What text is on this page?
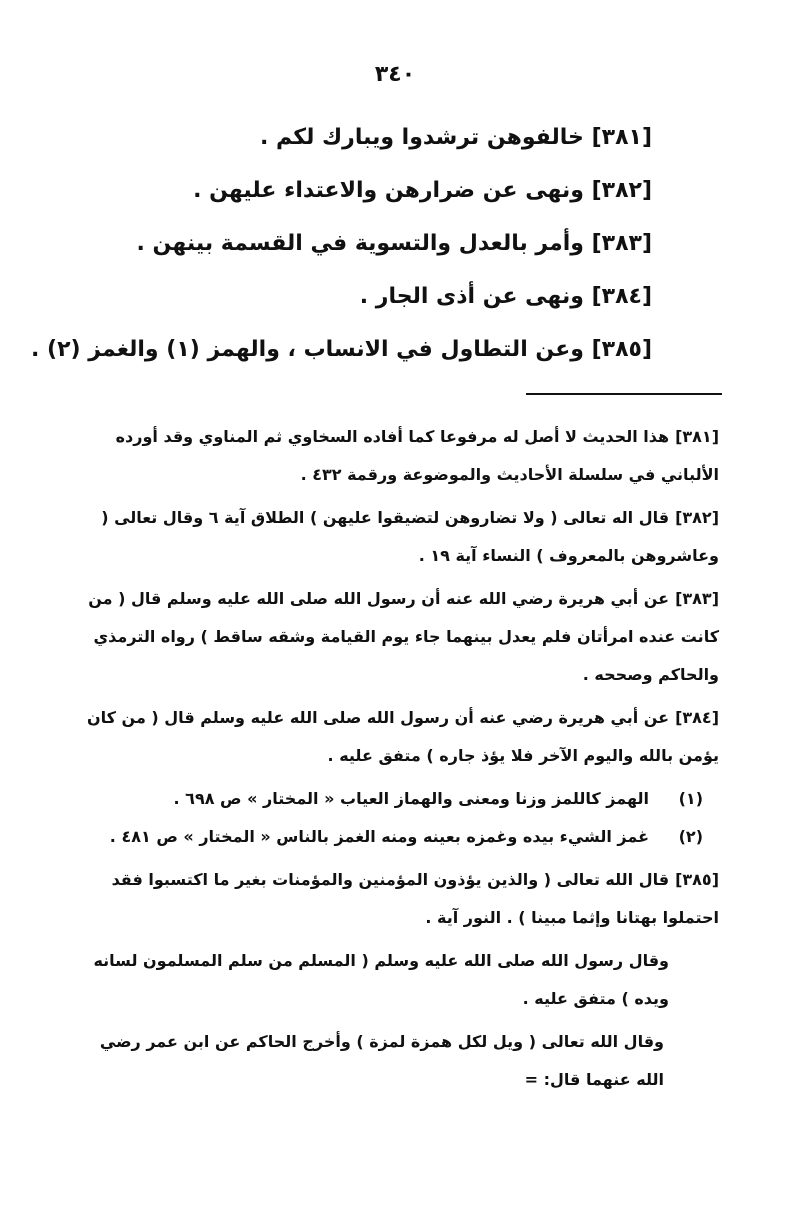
٣٤٠
[٣٨١] خالفوهن ترشدوا ويبارك لكم .
[٣٨٢] ونهى عن ضرارهن والاعتداء عليهن .
[٣٨٣] وأمر بالعدل والتسوية في القسمة بينهن .
[٣٨٤] ونهى عن أذى الجار .
[٣٨٥] وعن التطاول في الانساب ، والهمز (١) والغمز (٢) .
[٣٨١]هذا الحديث لا أصل له مرفوعا كما أفاده السخاوي ثم المناوي وقد أورده الألباني في سلسلة الأحاديث والموضوعة ورقمة ٤٣٢ .
[٣٨٢]قال اله تعالى ( ولا تضاروهن لتضيقوا عليهن ) الطلاق آية ٦ وقال تعالى ( وعاشروهن بالمعروف ) النساء آية ١٩ .
[٣٨٣]عن أبي هريرة رضي الله عنه أن رسول الله صلى الله عليه وسلم قال ( من كانت عنده امرأتان فلم يعدل بينهما جاء يوم القيامة وشقه ساقط ) رواه الترمذي والحاكم وصححه .
[٣٨٤]عن أبي هريرة رضي عنه أن رسول الله صلى الله عليه وسلم قال ( من كان يؤمن بالله واليوم الآخر فلا يؤذ جاره ) متفق عليه .
(١)الهمز كاللمز وزنا ومعنى والهماز العياب « المختار » ص ٦٩٨ .
(٢)غمز الشيء بيده وغمزه بعينه ومنه الغمز بالناس « المختار » ص ٤٨١ .
[٣٨٥]قال الله تعالى ( والذين يؤذون المؤمنين والمؤمنات بغير ما اكتسبوا فقد احتملوا بهتانا وإثما مبينا ) . النور آية .
وقال رسول الله صلى الله عليه وسلم ( المسلم من سلم المسلمون لسانه ويده ) متفق عليه .
وقال الله تعالى ( ويل لكل همزة لمزة ) وأخرج الحاكم عن ابن عمر رضي الله عنهما قال: =
